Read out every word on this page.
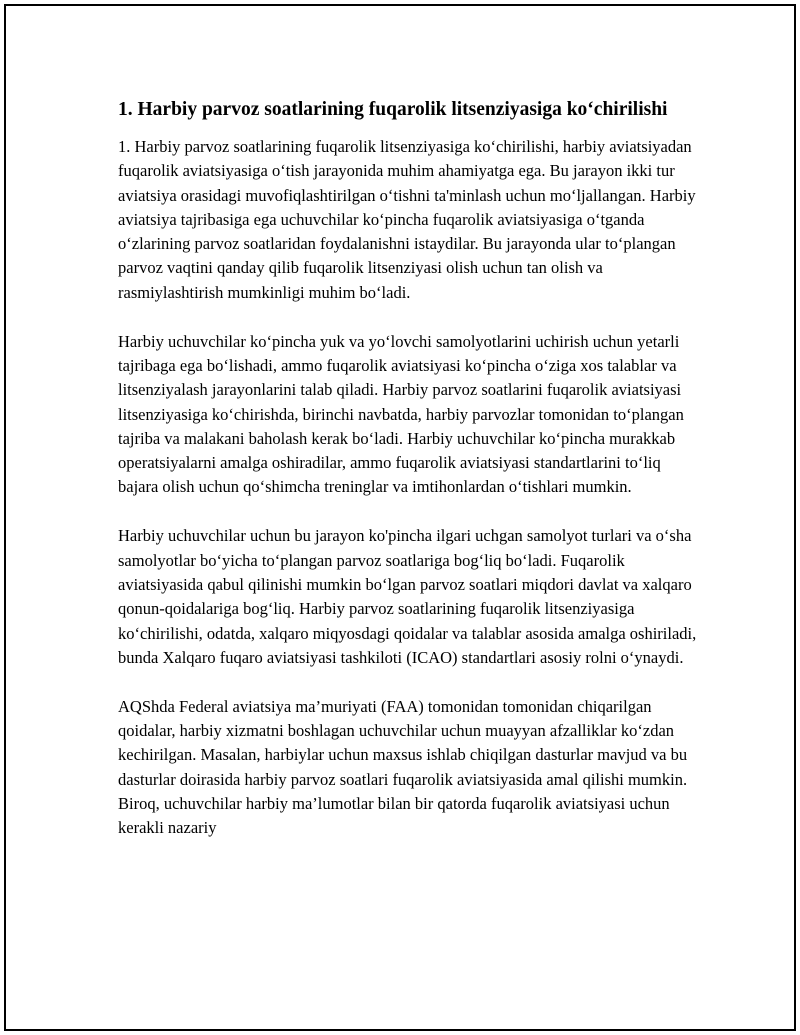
1. Harbiy parvoz soatlarining fuqarolik litsenziyasiga ko‘chirilishi

1. Harbiy parvoz soatlarining fuqarolik litsenziyasiga ko‘chirilishi, harbiy aviatsiyadan fuqarolik aviatsiyasiga o‘tish jarayonida muhim ahamiyatga ega. Bu jarayon ikki tur aviatsiya orasidagi muvofiqlashtirilgan o‘tishni ta'minlash uchun mo‘ljallangan. Harbiy aviatsiya tajribasiga ega uchuvchilar ko‘pincha fuqarolik aviatsiyasiga o‘tganda o‘zlarining parvoz soatlaridan foydalanishni istaydilar. Bu jarayonda ular to‘plangan parvoz vaqtini qanday qilib fuqarolik litsenziyasi olish uchun tan olish va rasmiylashtirish mumkinligi muhim bo‘ladi.

Harbiy uchuvchilar ko‘pincha yuk va yo‘lovchi samolyotlarini uchirish uchun yetarli tajribaga ega bo‘lishadi, ammo fuqarolik aviatsiyasi ko‘pincha o‘ziga xos talablar va litsenziyalash jarayonlarini talab qiladi. Harbiy parvoz soatlarini fuqarolik aviatsiyasi litsenziyasiga ko‘chirishda, birinchi navbatda, harbiy parvozlar tomonidan to‘plangan tajriba va malakani baholash kerak bo‘ladi. Harbiy uchuvchilar ko‘pincha murakkab operatsiyalarni amalga oshiradilar, ammo fuqarolik aviatsiyasi standartlarini to‘liq bajara olish uchun qo‘shimcha treninglar va imtihonlardan o‘tishlari mumkin.

Harbiy uchuvchilar uchun bu jarayon ko'pincha ilgari uchgan samolyot turlari va o‘sha samolyotlar bo‘yicha to‘plangan parvoz soatlariga bog‘liq bo‘ladi. Fuqarolik aviatsiyasida qabul qilinishi mumkin bo‘lgan parvoz soatlari miqdori davlat va xalqaro qonun-qoidalariga bog‘liq. Harbiy parvoz soatlarining fuqarolik litsenziyasiga ko‘chirilishi, odatda, xalqaro miqyosdagi qoidalar va talablar asosida amalga oshiriladi, bunda Xalqaro fuqaro aviatsiyasi tashkiloti (ICAO) standartlari asosiy rolni o‘ynaydi.

AQShda Federal aviatsiya ma’muriyati (FAA) tomonidan tomonidan chiqarilgan qoidalar, harbiy xizmatni boshlagan uchuvchilar uchun muayyan afzalliklar ko‘zdan kechirilgan. Masalan, harbiylar uchun maxsus ishlab chiqilgan dasturlar mavjud va bu dasturlar doirasida harbiy parvoz soatlari fuqarolik aviatsiyasida amal qilishi mumkin. Biroq, uchuvchilar harbiy ma’lumotlar bilan bir qatorda fuqarolik aviatsiyasi uchun kerakli nazariy
